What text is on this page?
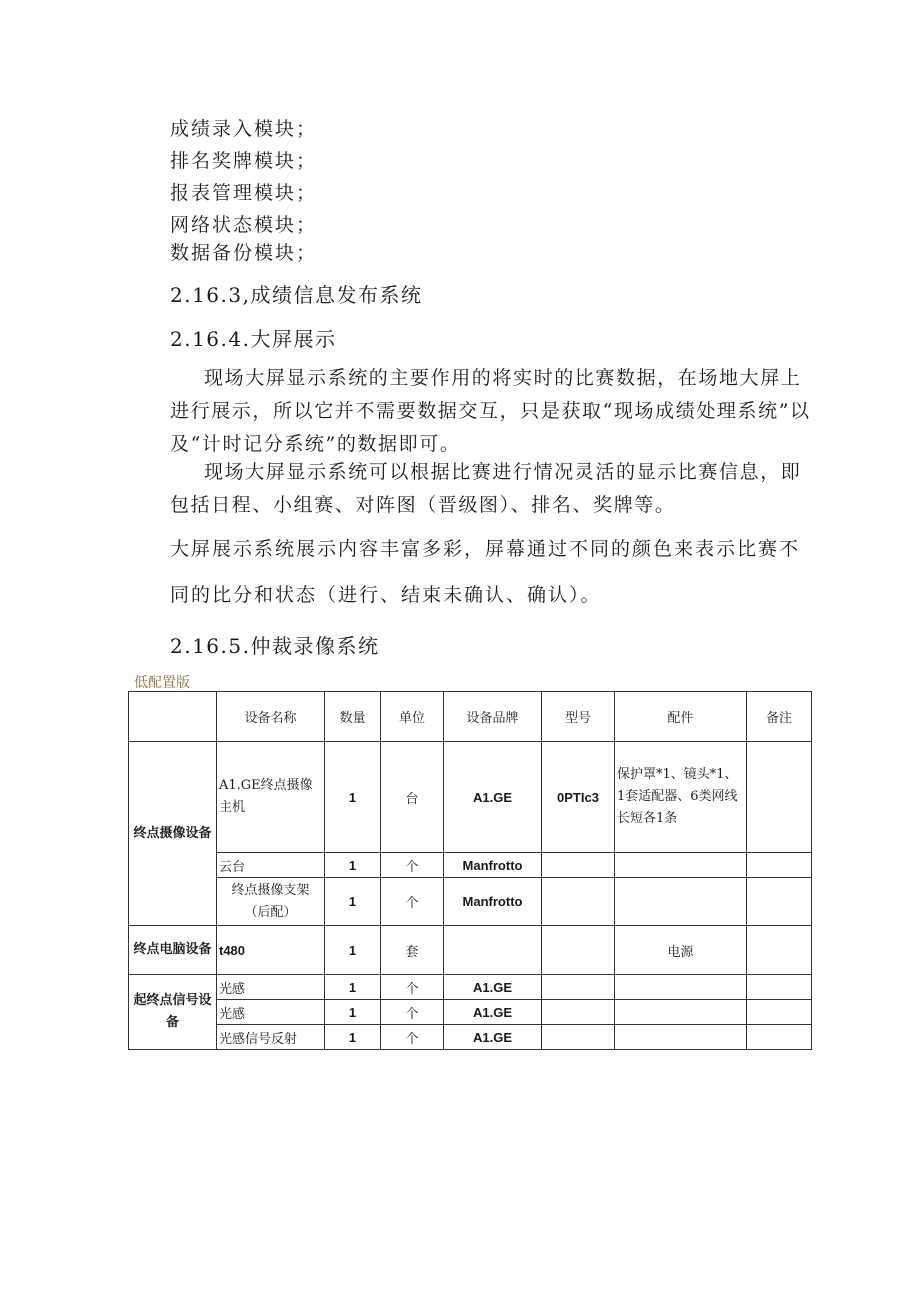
成绩录入模块；
排名奖牌模块；
报表管理模块；
网络状态模块；
数据备份模块；
2.16.3,成绩信息发布系统
2.16.4.大屏展示
现场大屏显示系统的主要作用的将实时的比赛数据，在场地大屏上进行展示，所以它并不需要数据交互，只是获取“现场成绩处理系统”以及“计时记分系统”的数据即可。
现场大屏显示系统可以根据比赛进行情况灵活的显示比赛信息，即包括日程、小组赛、对阵图（晋级图）、排名、奖牌等。
大屏展示系统展示内容丰富多彩，屏幕通过不同的颜色来表示比赛不
同的比分和状态（进行、结束未确认、确认）。
2.16.5.仲裁录像系统
低配置版
	设备名称	数量	单位	设备品牌	型号	配件	备注
终点摄像设备	A1.GE终点摄像主机	1	台	A1.GE	0PTIc3	保护罩*1、镜头*1、1套适配器、6类网线长短各1条	
	云台	1	个	Manfrotto			
	终点摄像支架（后配）	1	个	Manfrotto			
终点电脑设备	t480	1	套			电源	
起终点信号设备	光感	1	个	A1.GE			
	光感	1	个	A1.GE			
	光感信号反射	1	个	A1.GE			
